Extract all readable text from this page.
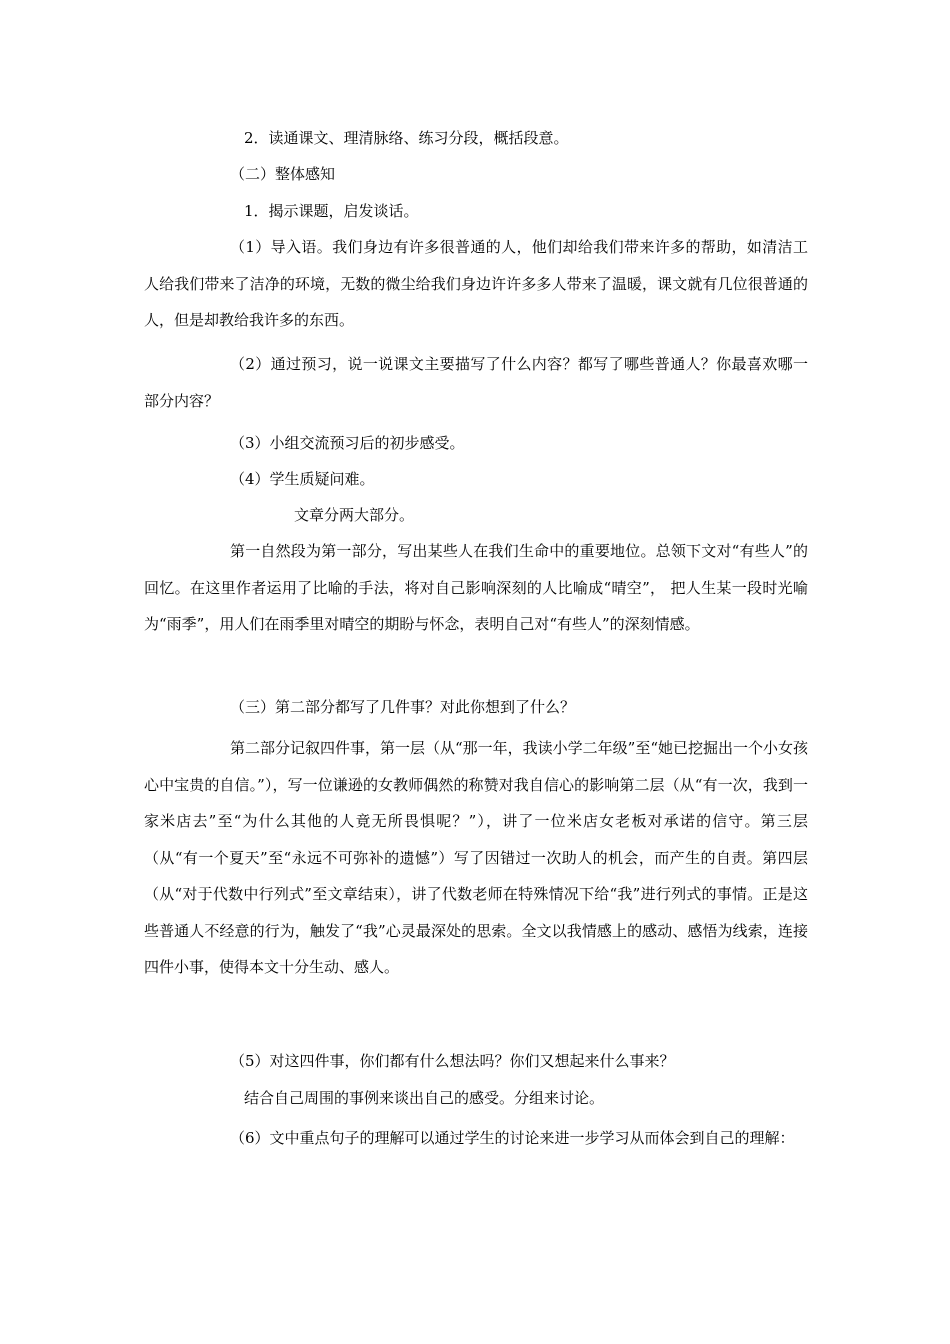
2．读通课文、理清脉络、练习分段，概括段意。

（二）整体感知

1．揭示课题，启发谈话。

（1）导入语。我们身边有许多很普通的人，他们却给我们带来许多的帮助，如清洁工人给我们带来了洁净的环境，无数的微尘给我们身边许许多多人带来了温暖，课文就有几位很普通的人，但是却教给我许多的东西。

（2）通过预习，说一说课文主要描写了什么内容？都写了哪些普通人？你最喜欢哪一部分内容？

（3）小组交流预习后的初步感受。

（4）学生质疑问难。

文章分两大部分。

第一自然段为第一部分，写出某些人在我们生命中的重要地位。总领下文对“有些人”的回忆。在这里作者运用了比喻的手法，将对自己影响深刻的人比喻成“晴空”， 把人生某一段时光喻为“雨季”，用人们在雨季里对晴空的期盼与怀念，表明自己对“有些人”的深刻情感。

（三）第二部分都写了几件事？对此你想到了什么？

第二部分记叙四件事，第一层（从“那一年，我读小学二年级”至“她已挖掘出一个小女孩心中宝贵的自信。”），写一位谦逊的女教师偶然的称赞对我自信心的影响第二层（从“有一次，我到一家米店去”至“为什么其他的人竟无所畏惧呢？”），讲了一位米店女老板对承诺的信守。第三层（从“有一个夏天”至“永远不可弥补的遗憾”）写了因错过一次助人的机会，而产生的自责。第四层（从“对于代数中行列式”至文章结束），讲了代数老师在特殊情况下给“我”进行列式的事情。正是这些普通人不经意的行为，触发了“我”心灵最深处的思索。全文以我情感上的感动、感悟为线索，连接四件小事，使得本文十分生动、感人。

（5）对这四件事，你们都有什么想法吗？你们又想起来什么事来？

结合自己周围的事例来谈出自己的感受。分组来讨论。

（6）文中重点句子的理解可以通过学生的讨论来进一步学习从而体会到自己的理解：
